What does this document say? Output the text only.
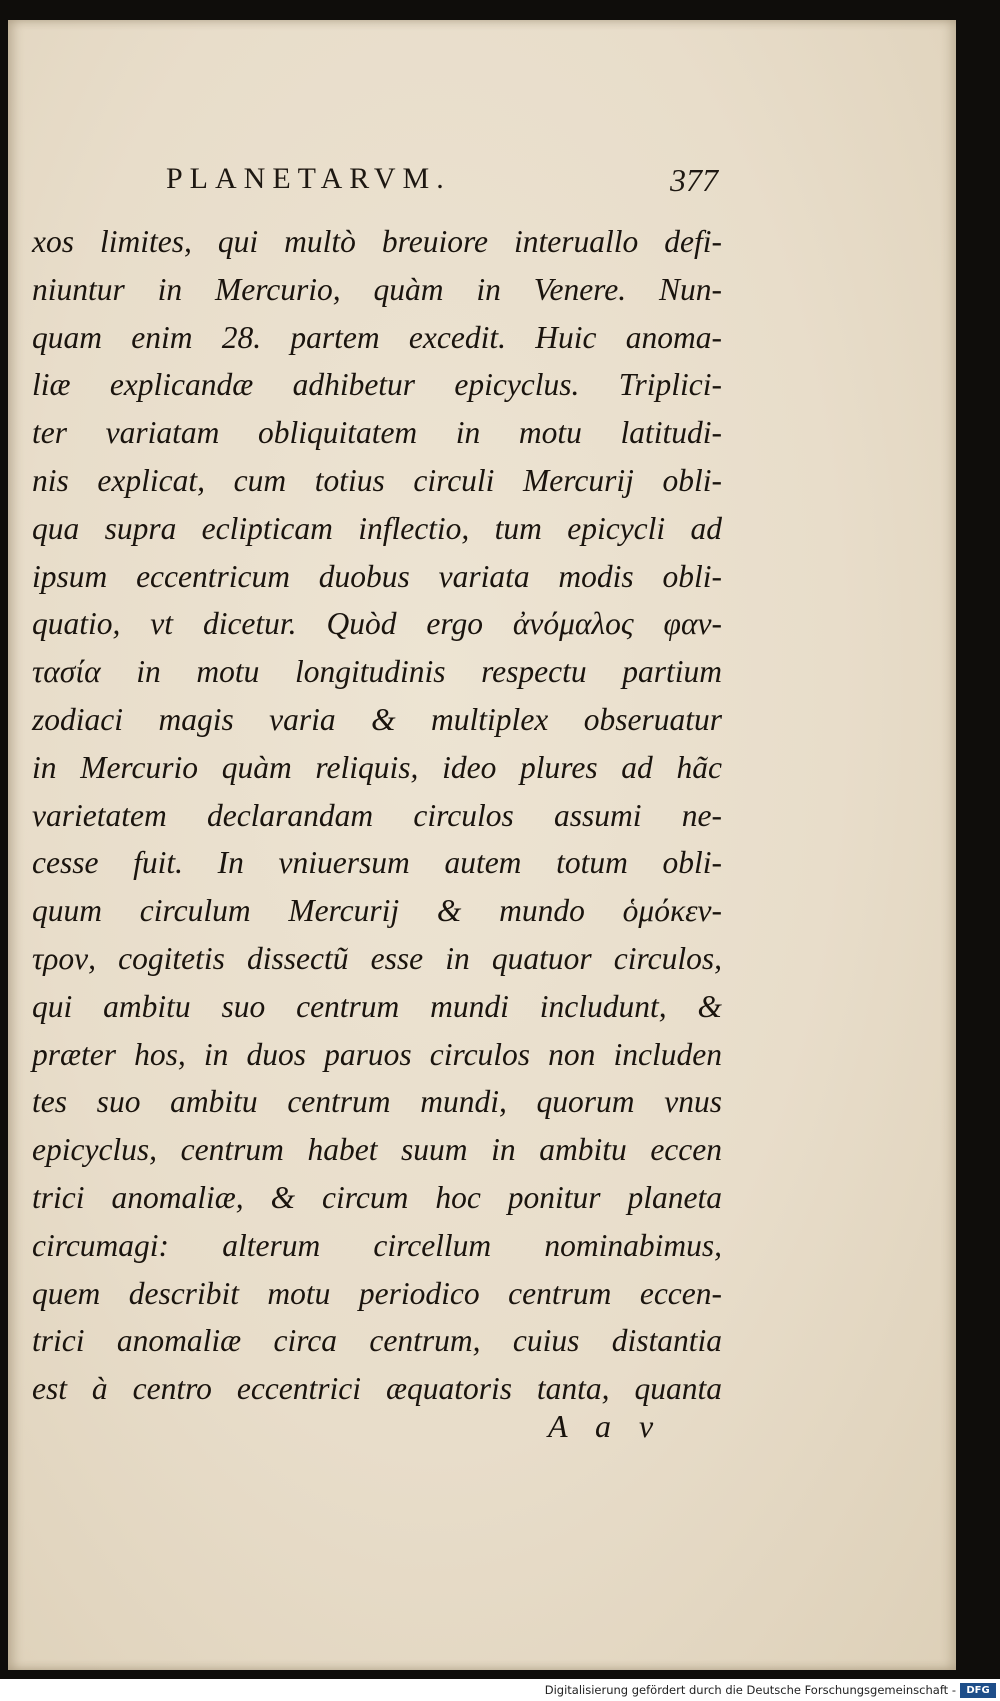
PLANETARVM.	377
xos limites, qui multò breuiore interuallo defi-
niuntur in Mercurio, quàm in Venere. Nun-
quam enim 28. partem excedit. Huic anoma-
liæ explicandæ adhibetur epicyclus. Triplici-
ter variatam obliquitatem in motu latitudi-
nis explicat, cum totius circuli Mercurij obli-
qua supra eclipticam inflectio, tum epicycli ad
ipsum eccentricum duobus variata modis obli-
quatio, vt dicetur. Quòd ergo ἀνόμαλος φαν-
τασία in motu longitudinis respectu partium
zodiaci magis varia & multiplex obseruatur
in Mercurio quàm reliquis, ideo plures ad hãc
varietatem declarandam circulos assumi ne-
cesse fuit. In vniuersum autem totum obli-
quum circulum Mercurij & mundo ὁμόκεν-
τρον, cogitetis dissectũ esse in quatuor circulos,
qui ambitu suo centrum mundi includunt, &
præter hos, in duos paruos circulos non includen
tes suo ambitu centrum mundi, quorum vnus
epicyclus, centrum habet suum in ambitu eccen
trici anomaliæ, & circum hoc ponitur planeta
circumagi: alterum circellum nominabimus,
quem describit motu periodico centrum eccen-
trici anomaliæ circa centrum, cuius distantia
est à centro eccentrici æquatoris tanta, quanta
A a v
Digitalisierung gefördert durch die Deutsche Forschungsgemeinschaft -	DFG
